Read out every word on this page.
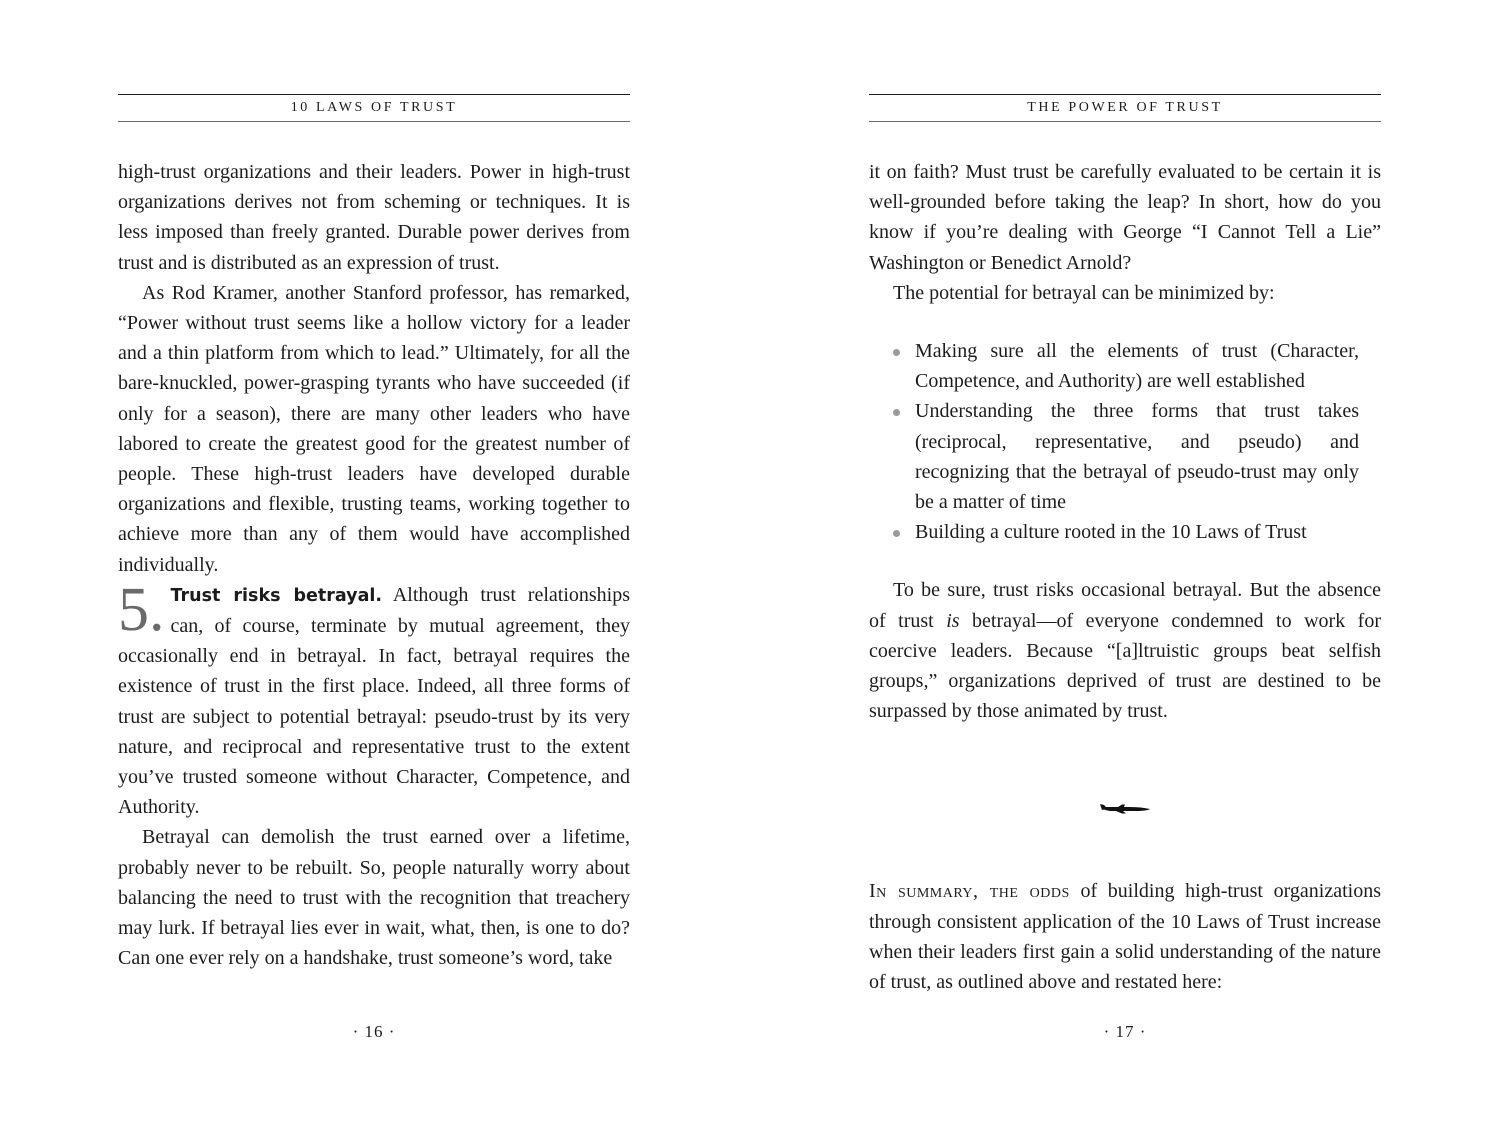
10 LAWS OF TRUST

high-trust organizations and their leaders. Power in high-trust organizations derives not from scheming or techniques. It is less imposed than freely granted. Durable power derives from trust and is distributed as an expression of trust.

As Rod Kramer, another Stanford professor, has remarked, “Power without trust seems like a hollow victory for a leader and a thin platform from which to lead.” Ultimately, for all the bare-knuckled, power-grasping tyrants who have succeeded (if only for a season), there are many other leaders who have labored to create the greatest good for the greatest number of people. These high-trust leaders have developed durable organizations and flexible, trusting teams, working together to achieve more than any of them would have accomplished individually.

5. Trust risks betrayal. Although trust relationships can, of course, terminate by mutual agreement, they occasionally end in betrayal. In fact, betrayal requires the existence of trust in the first place. Indeed, all three forms of trust are subject to potential betrayal: pseudo-trust by its very nature, and reciprocal and representative trust to the extent you’ve trusted someone without Character, Competence, and Authority.

Betrayal can demolish the trust earned over a lifetime, probably never to be rebuilt. So, people naturally worry about balancing the need to trust with the recognition that treachery may lurk. If betrayal lies ever in wait, what, then, is one to do? Can one ever rely on a handshake, trust someone’s word, take

· 16 ·
THE POWER OF TRUST

it on faith? Must trust be carefully evaluated to be certain it is well-grounded before taking the leap? In short, how do you know if you’re dealing with George “I Cannot Tell a Lie” Washington or Benedict Arnold?

The potential for betrayal can be minimized by:

Making sure all the elements of trust (Character, Competence, and Authority) are well established
Understanding the three forms that trust takes (reciprocal, representative, and pseudo) and recognizing that the betrayal of pseudo-trust may only be a matter of time
Building a culture rooted in the 10 Laws of Trust

To be sure, trust risks occasional betrayal. But the absence of trust is betrayal—of everyone condemned to work for coercive leaders. Because “[a]ltruistic groups beat selfish groups,” organizations deprived of trust are destined to be surpassed by those animated by trust.

In summary, the odds of building high-trust organizations through consistent application of the 10 Laws of Trust increase when their leaders first gain a solid understanding of the nature of trust, as outlined above and restated here:

· 17 ·
